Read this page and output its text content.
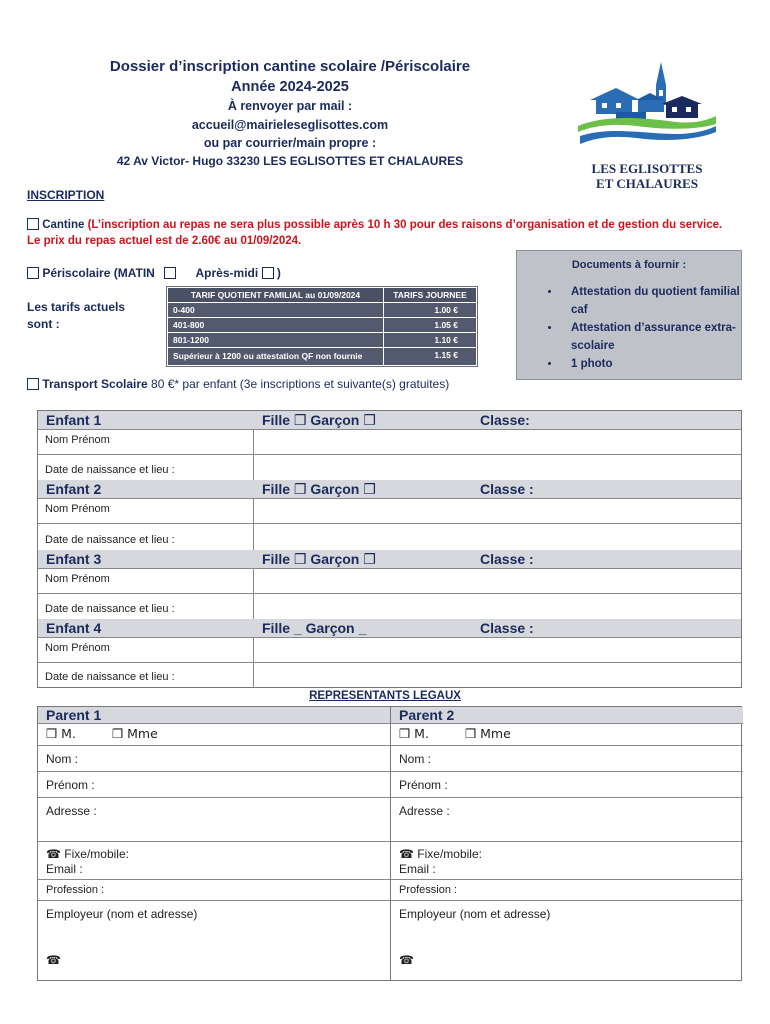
Dossier d’inscription cantine scolaire /Périscolaire
Année 2024-2025
À renvoyer par mail :
accueil@mairieleseglisottes.com
ou par courrier/main propre :
42 Av Victor- Hugo 33230 LES EGLISOTTES ET CHALAURES	LES EGLISOTTES
ET CHALAURES
INSCRIPTION
Cantine (L’inscription au repas ne sera plus possible après 10 h 30 pour des raisons d’organisation et de gestion du service.
Le prix du repas actuel est de 2.60€ au 01/09/2024.
Périscolaire (MATIN	Après-midi )
Les tarifs actuels
sont :
TARIF QUOTIENT FAMILIAL au 01/09/2024	TARIFS JOURNEE
0-400	1.00 €
401-800	1.05 €
801-1200	1.10 €
Supérieur à 1200 ou attestation QF non fournie	1.15 €
Documents à fournir :
• Attestation du quotient familial caf
• Attestation d’assurance extra-scolaire
• 1 photo
Transport Scolaire 80 €* par enfant (3e inscriptions et suivante(s) gratuites)
Enfant 1	Fille ❒ Garçon ❒	Classe:
Nom Prénom
Date de naissance et lieu :
Enfant 2	Fille ❒ Garçon ❒	Classe :
Nom Prénom
Date de naissance et lieu :
Enfant 3	Fille ❒ Garçon ❒	Classe :
Nom Prénom
Date de naissance et lieu :
Enfant 4	Fille _ Garçon _	Classe :
Nom Prénom
Date de naissance et lieu :
REPRESENTANTS LEGAUX
Parent 1
❒ M.	❒ Mme
Nom :
Prénom :
Adresse :
☎ Fixe/mobile:
Email :
Profession :
Employeur (nom et adresse)
☎
Parent 2
❒ M.	❒ Mme
Nom :
Prénom :
Adresse :
☎ Fixe/mobile:
Email :
Profession :
Employeur (nom et adresse)
☎
